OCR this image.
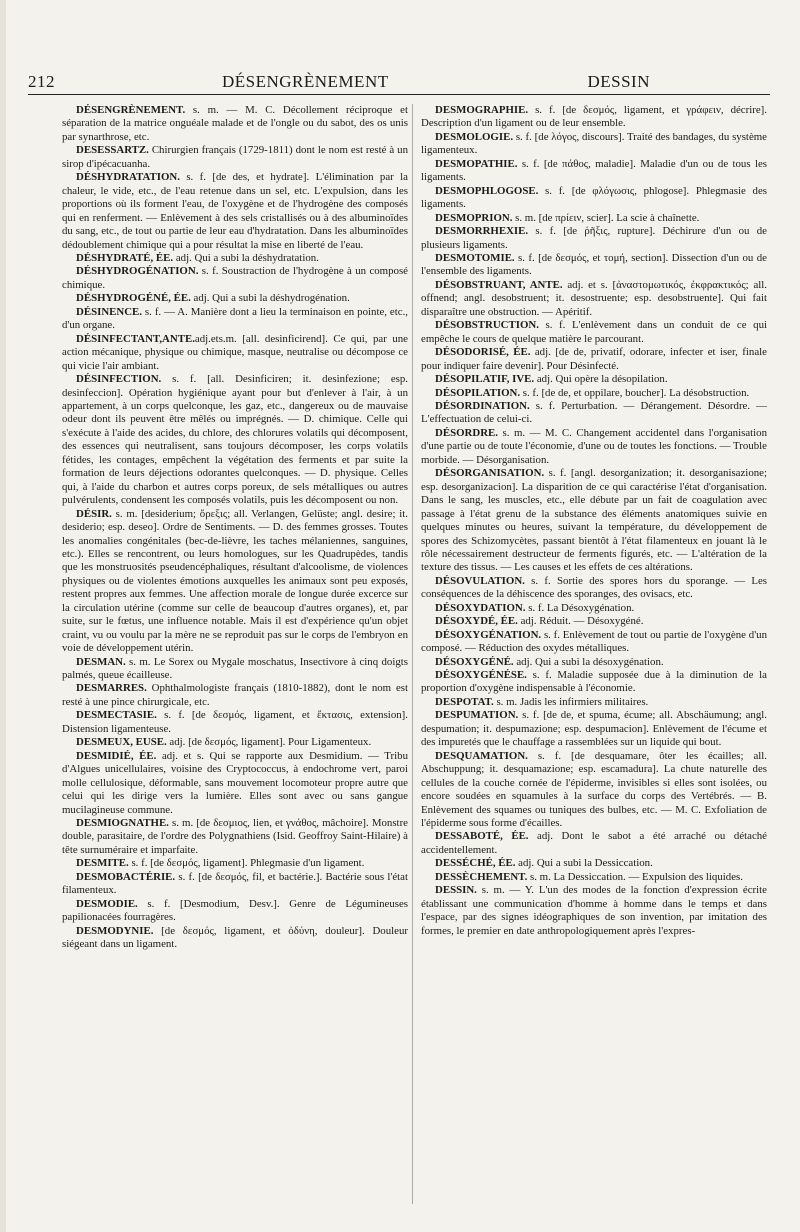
212	DÉSENGRÈNEMENT	DESSIN

DÉSENGRÈNEMENT. s. m. — M. C. Décollement réciproque et séparation de la matrice onguéale malade et de l'ongle ou du sabot, des os unis par synarthrose, etc.

DESESSARTZ. Chirurgien français (1729-1811) dont le nom est resté à un sirop d'ipécacuanha.

DÉSHYDRATATION. s. f. [de des, et hydrate]. L'élimination par la chaleur, le vide, etc., de l'eau retenue dans un sel, etc. L'expulsion, dans les proportions où ils forment l'eau, de l'oxygène et de l'hydrogène des composés qui en renferment. — Enlèvement à des sels cristallisés ou à des albuminoïdes du sang, etc., de tout ou partie de leur eau d'hydratation. Dans les albuminoïdes dédoublement chimique qui a pour résultat la mise en liberté de l'eau.

DÉSHYDRATÉ, ÉE. adj. Qui a subi la déshydratation.

DÉSHYDROGÉNATION. s. f. Soustraction de l'hydrogène à un composé chimique.

DÉSHYDROGÉNÉ, ÉE. adj. Qui a subi la déshydrogénation.

DÉSINENCE. s. f. — A. Manière dont a lieu la terminaison en pointe, etc., d'un organe.

DÉSINFECTANT,ANTE.adj.ets.m. [all. desinficirend]. Ce qui, par une action mécanique, physique ou chimique, masque, neutralise ou décompose ce qui vicie l'air ambiant.

DÉSINFECTION. s. f. [all. Desinficiren; it. desinfezione; esp. desinfeccion]. Opération hygiénique ayant pour but d'enlever à l'air, à un appartement, à un corps quelconque, les gaz, etc., dangereux ou de mauvaise odeur dont ils peuvent être mêlés ou imprégnés. — D. chimique. Celle qui s'exécute à l'aide des acides, du chlore, des chlorures volatils qui décomposent, des essences qui neutralisent, sans toujours décomposer, les corps volatils fétides, les contages, empêchent la végétation des ferments et par suite la formation de leurs déjections odorantes quelconques. — D. physique. Celles qui, à l'aide du charbon et autres corps poreux, de sels métalliques ou autres pulvérulents, condensent les composés volatils, puis les décomposent ou non.

DÉSIR. s. m. [desiderium; ὄρεξις; all. Verlangen, Gelüste; angl. desire; it. desiderio; esp. deseo]. Ordre de Sentiments. — D. des femmes grosses. Toutes les anomalies congénitales (bec-de-lièvre, les taches mélaniennes, sanguines, etc.). Elles se rencontrent, ou leurs homologues, sur les Quadrupèdes, tandis que les monstruosités pseudencéphaliques, résultant d'alcoolisme, de violences physiques ou de violentes émotions auxquelles les animaux sont peu exposés, restent propres aux femmes. Une affection morale de longue durée excerce sur la circulation utérine (comme sur celle de beaucoup d'autres organes), et, par suite, sur le fœtus, une influence notable. Mais il est d'expérience qu'un objet craint, vu ou voulu par la mère ne se reproduit pas sur le corps de l'embryon en voie de développement utérin.

DESMAN. s. m. Le Sorex ou Mygale moschatus, Insectivore à cinq doigts palmés, queue écailleuse.

DESMARRES. Ophthalmologiste français (1810-1882), dont le nom est resté à une pince chirurgicale, etc.

DESMECTASIE. s. f. [de δεσμός, ligament, et ἔκτασις, extension]. Distension ligamenteuse.

DESMEUX, EUSE. adj. [de δεσμός, ligament]. Pour Ligamenteux.

DESMIDIÉ, ÉE. adj. et s. Qui se rapporte aux Desmidium. — Tribu d'Algues unicellulaires, voisine des Cryptococcus, à endochrome vert, paroi molle cellulosique, déformable, sans mouvement locomoteur propre autre que celui qui les dirige vers la lumière. Elles sont avec ou sans gangue mucilagineuse commune.

DESMIOGNATHE. s. m. [de δεσμιος, lien, et γνάθος, mâchoire]. Monstre double, parasitaire, de l'ordre des Polygnathiens (Isid. Geoffroy Saint-Hilaire) à tête surnuméraire et imparfaite.

DESMITE. s. f. [de δεσμός, ligament]. Phlegmasie d'un ligament.

DESMOBACTÉRIE. s. f. [de δεσμός, fil, et bactérie.]. Bactérie sous l'état filamenteux.

DESMODIE. s. f. [Desmodium, Desv.]. Genre de Légumineuses papilionacées fourragères.

DESMODYNIE. [de δεσμός, ligament, et ὀδύνη, douleur]. Douleur siégeant dans un ligament.

DESMOGRAPHIE. s. f. [de δεσμός, ligament, et γράφειν, décrire]. Description d'un ligament ou de leur ensemble.

DESMOLOGIE. s. f. [de λόγος, discours]. Traité des bandages, du système ligamenteux.

DESMOPATHIE. s. f. [de πάθος, maladie]. Maladie d'un ou de tous les ligaments.

DESMOPHLOGOSE. s. f. [de φλόγωσις, phlogose]. Phlegmasie des ligaments.

DESMOPRION. s. m. [de πρίειν, scier]. La scie à chaînette.

DESMORRHEXIE. s. f. [de ῥῆξις, rupture]. Déchirure d'un ou de plusieurs ligaments.

DESMOTOMIE. s. f. [de δεσμός, et τομή, section]. Dissection d'un ou de l'ensemble des ligaments.

DÉSOBSTRUANT, ANTE. adj. et s. [ἀναστομωτικός, ἐκφρακτικός; all. offnend; angl. desobstruent; it. desostruente; esp. desobstruente]. Qui fait disparaître une obstruction. — Apéritif.

DÉSOBSTRUCTION. s. f. L'enlèvement dans un conduit de ce qui empêche le cours de quelque matière le parcourant.

DÉSODORISÉ, ÉE. adj. [de de, privatif, odorare, infecter et iser, finale pour indiquer faire devenir]. Pour Désinfecté.

DÉSOPILATIF, IVE. adj. Qui opère la désopilation.

DÉSOPILATION. s. f. [de de, et oppilare, boucher]. La désobstruction.

DÉSORDINATION. s. f. Perturbation. — Dérangement. Désordre. — L'effectuation de celui-ci.

DÉSORDRE. s. m. — M. C. Changement accidentel dans l'organisation d'une partie ou de toute l'économie, d'une ou de toutes les fonctions. — Trouble morbide. — Désorganisation.

DÉSORGANISATION. s. f. [angl. desorganization; it. desorganisazione; esp. desorganizacion]. La disparition de ce qui caractérise l'état d'organisation. Dans le sang, les muscles, etc., elle débute par un fait de coagulation avec passage à l'état grenu de la substance des éléments anatomiques suivie en quelques minutes ou heures, suivant la température, du développement de spores des Schizomycètes, passant bientôt à l'état filamenteux en jouant là le rôle nécessairement destructeur de ferments figurés, etc. — L'altération de la texture des tissus. — Les causes et les effets de ces altérations.

DÉSOVULATION. s. f. Sortie des spores hors du sporange. — Les conséquences de la déhiscence des sporanges, des ovisacs, etc.

DÉSOXYDATION. s. f. La Désoxygénation.

DÉSOXYDÉ, ÉE. adj. Réduit. — Désoxygéné.

DÉSOXYGÉNATION. s. f. Enlèvement de tout ou partie de l'oxygène d'un composé. — Réduction des oxydes métalliques.

DÉSOXYGÉNÉ. adj. Qui a subi la désoxygénation.

DÉSOXYGÉNÉSE. s. f. Maladie supposée due à la diminution de la proportion d'oxygène indispensable à l'économie.

DESPOTAT. s. m. Jadis les infirmiers militaires.

DESPUMATION. s. f. [de de, et spuma, écume; all. Abschäumung; angl. despumation; it. despumazione; esp. despumacion]. Enlèvement de l'écume et des impuretés que le chauffage a rassemblées sur un liquide qui bout.

DESQUAMATION. s. f. [de desquamare, ôter les écailles; all. Abschuppung; it. desquamazione; esp. escamadura]. La chute naturelle des cellules de la couche cornée de l'épiderme, invisibles si elles sont isolées, ou encore soudées en squamules à la surface du corps des Vertébrés. — B. Enlèvement des squames ou tuniques des bulbes, etc. — M. C. Exfoliation de l'épiderme sous forme d'écailles.

DESSABOTÉ, ÉE. adj. Dont le sabot a été arraché ou détaché accidentellement.

DESSÉCHÉ, ÉE. adj. Qui a subi la Dessiccation.

DESSÈCHEMENT. s. m. La Dessiccation. — Expulsion des liquides.

DESSIN. s. m. — Y. L'un des modes de la fonction d'expression écrite établissant une communication d'homme à homme dans le temps et dans l'espace, par des signes idéographiques de son invention, par imitation des formes, le premier en date anthropologiquement après l'expres-
